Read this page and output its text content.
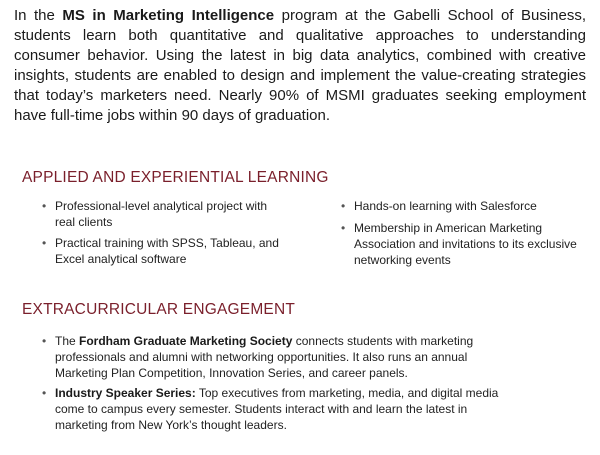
In the MS in Marketing Intelligence program at the Gabelli School of Business, students learn both quantitative and qualitative approaches to understanding consumer behavior. Using the latest in big data analytics, combined with creative insights, students are enabled to design and implement the value-creating strategies that today’s marketers need. Nearly 90% of MSMI graduates seeking employment have full-time jobs within 90 days of graduation.

APPLIED AND EXPERIENTIAL LEARNING
• Professional-level analytical project with real clients
• Practical training with SPSS, Tableau, and Excel analytical software
• Hands-on learning with Salesforce
• Membership in American Marketing Association and invitations to its exclusive networking events
EXTRACURRICULAR ENGAGEMENT
• The Fordham Graduate Marketing Society connects students with marketing professionals and alumni with networking opportunities. It also runs an annual Marketing Plan Competition, Innovation Series, and career panels.
• Industry Speaker Series: Top executives from marketing, media, and digital media come to campus every semester. Students interact with and learn the latest in marketing from New York’s thought leaders.
